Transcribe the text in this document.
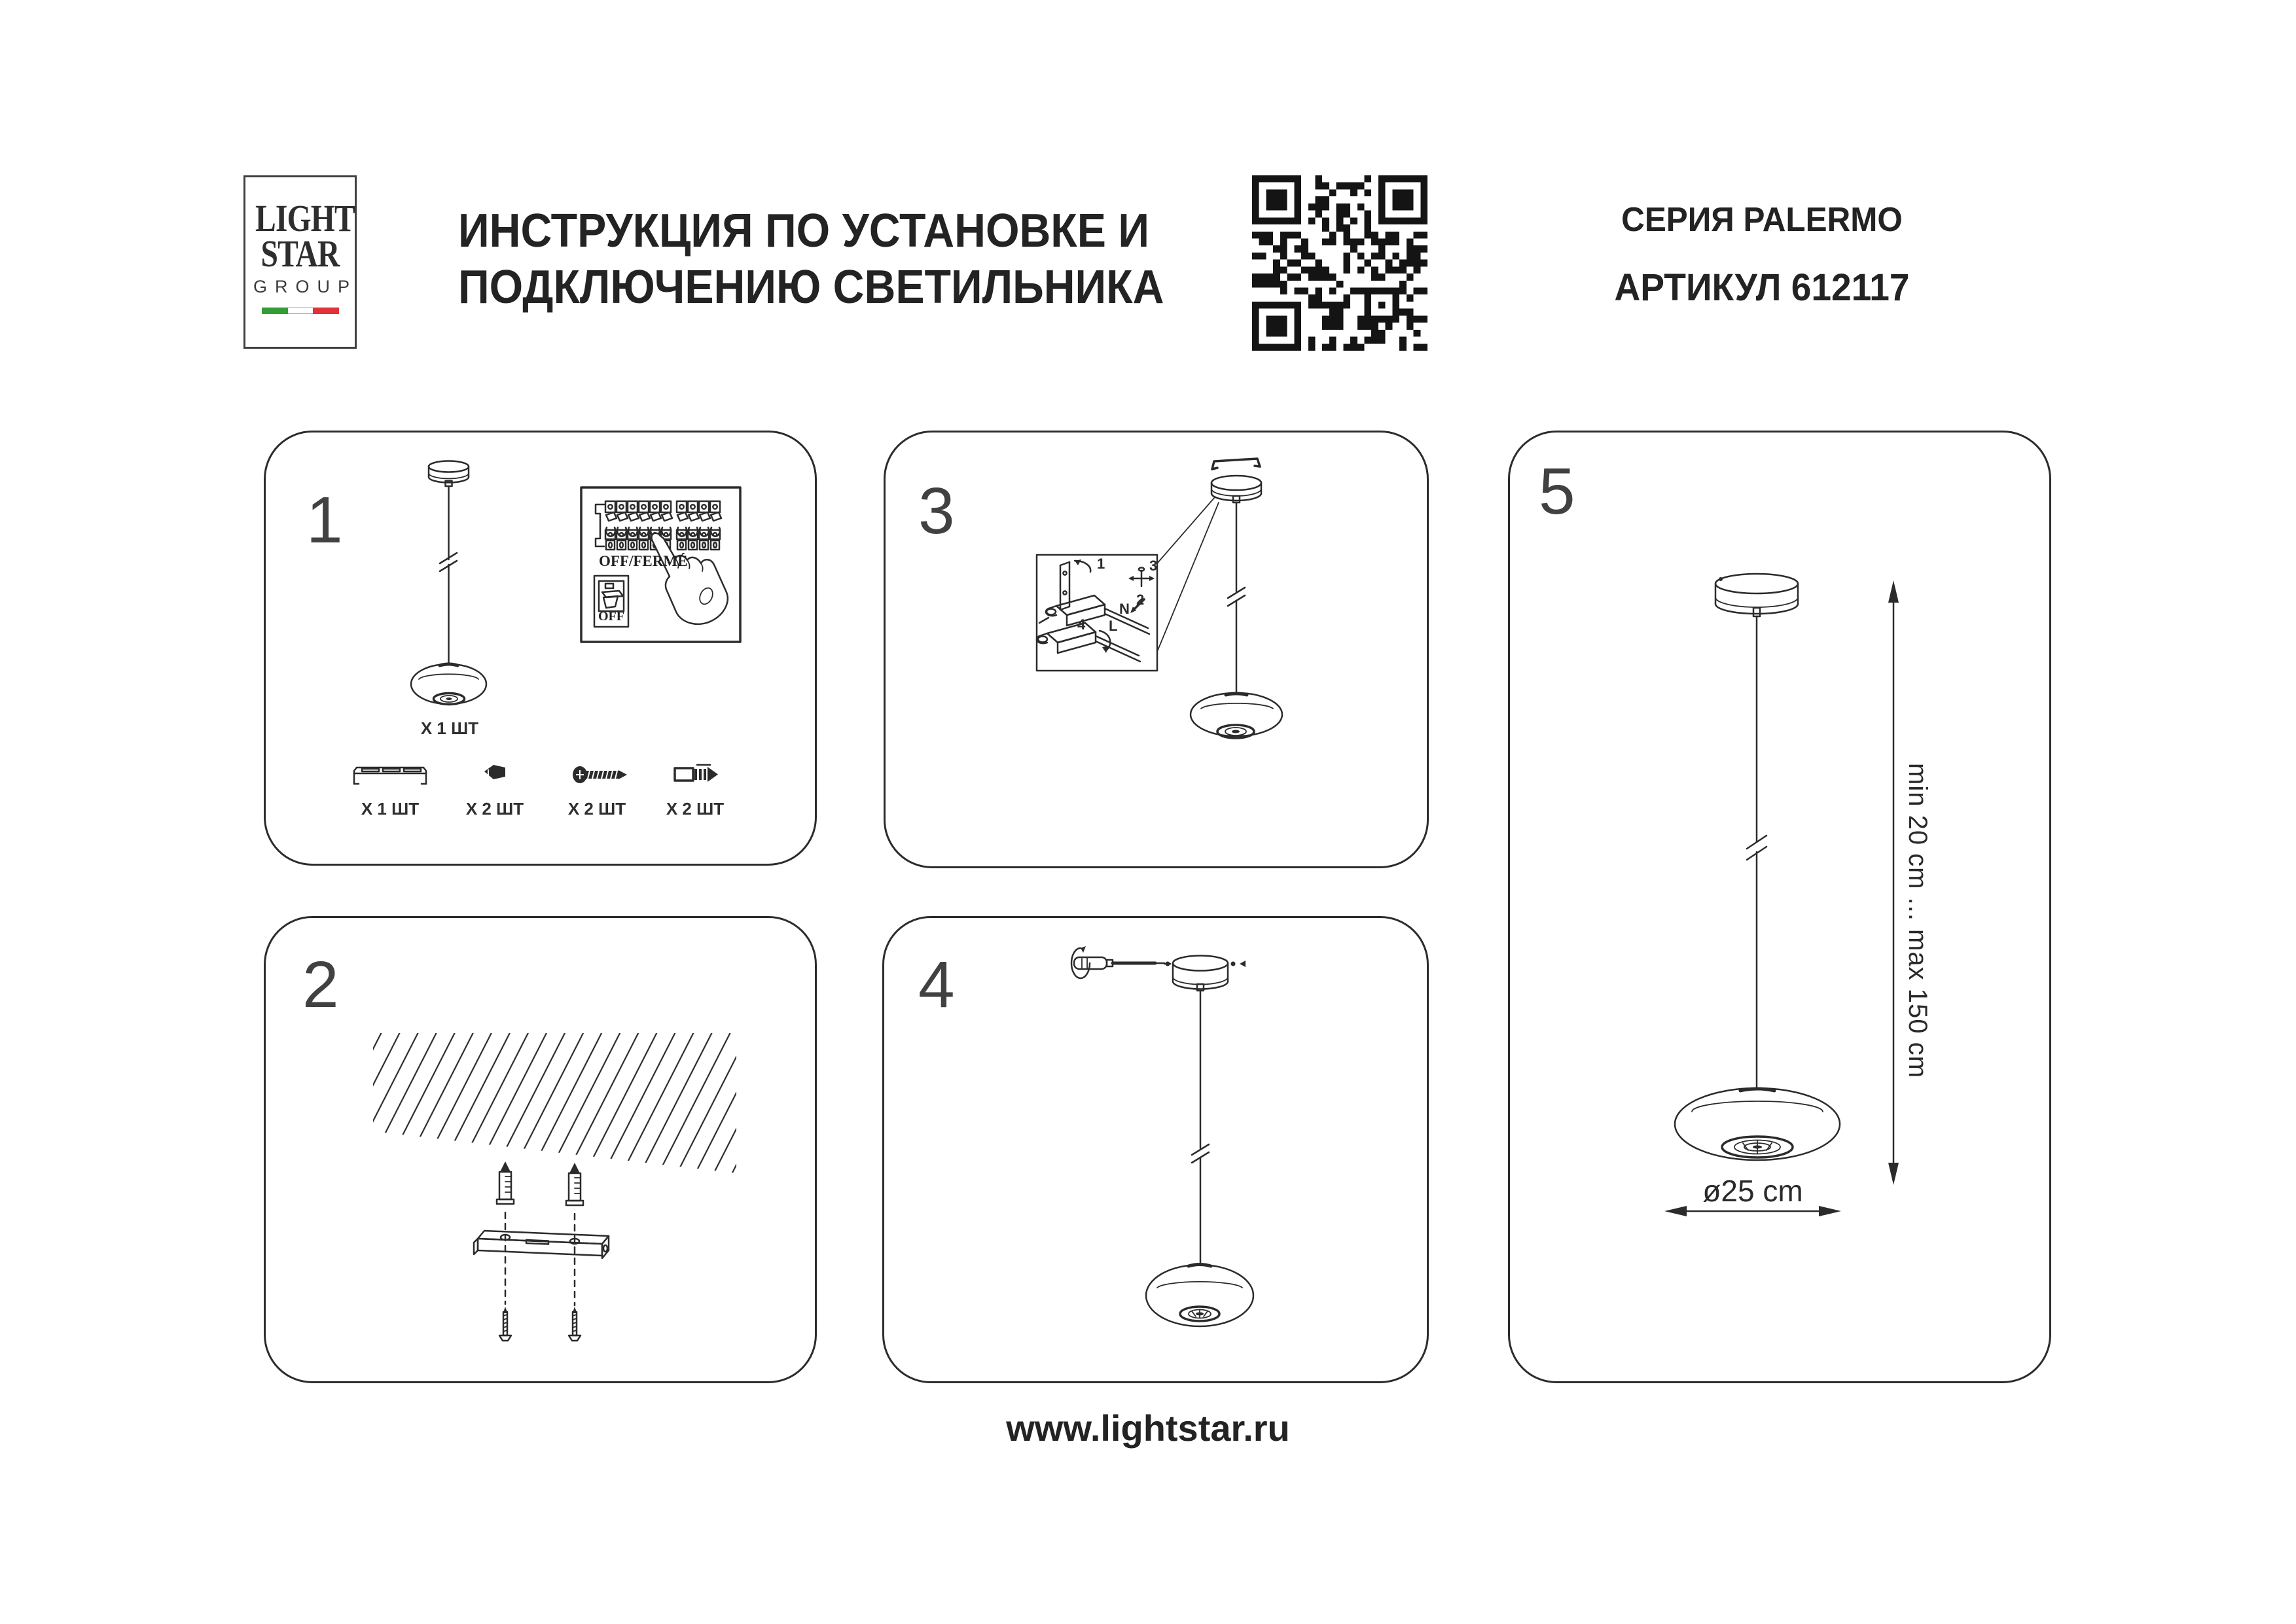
LIGHT
STAR
GROUP
ИНСТРУКЦИЯ ПО УСТАНОВКЕ И
ПОДКЛЮЧЕНИЮ СВЕТИЛЬНИКА
СЕРИЯ PALERMO
АРТИКУЛ 612117
1
X 1 ШТ
X 1 ШТ	X 2 ШТ	X 2 ШТ X 2 ШТ
OFF/FERMÉ
OFF
2
3
1	3
2
N
L
4
4
5
min 20 cm ... max 150 cm
ø25 cm
www.lightstar.ru
